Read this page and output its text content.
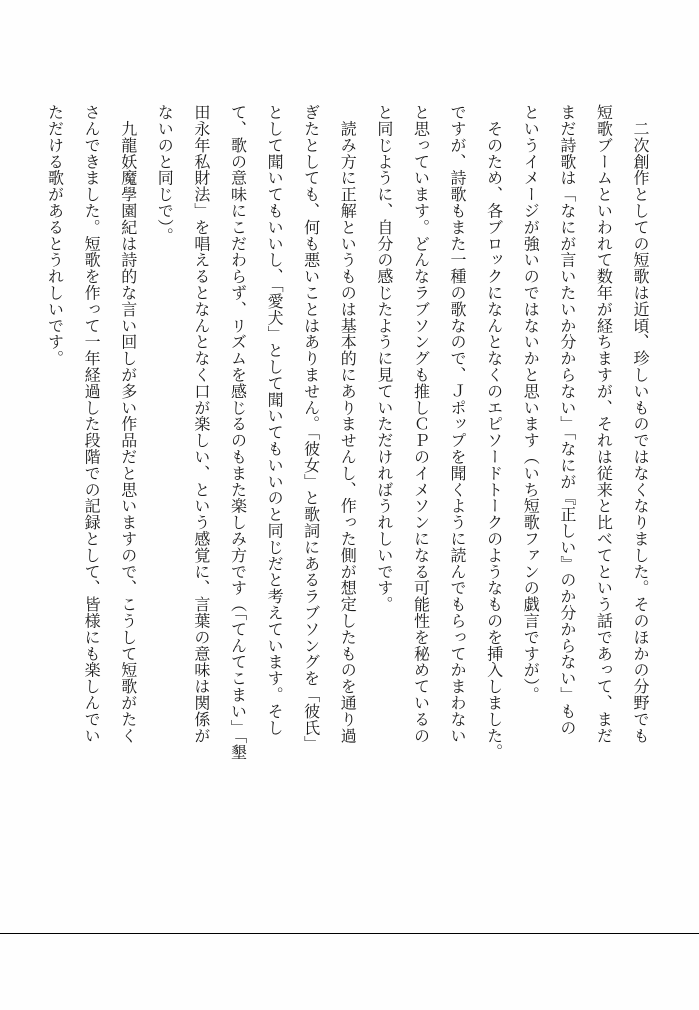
　二次創作としての短歌は近頃、珍しいものではなくなりました。そのほかの分野でも
短歌ブームといわれて数年が経ちますが、それは従来と比べてという話であって、まだ
まだ詩歌は「なにが言いたいか分からない」「なにが『正しい』のか分からない」もの
というイメージが強いのではないかと思います（いち短歌ファンの戯言ですが）。
　そのため、各ブロックになんとなくのエピソードトークのようなものを挿入しました。
ですが、詩歌もまた一種の歌なので、Ｊポップを聞くように読んでもらってかまわない
と思っています。どんなラブソングも推しＣＰのイメソンになる可能性を秘めているの
と同じように、自分の感じたように見ていただければうれしいです。
　読み方に正解というものは基本的にありませんし、作った側が想定したものを通り過
ぎたとしても、何も悪いことはありません。「彼女」と歌詞にあるラブソングを「彼氏」
として聞いてもいいし、「愛犬」として聞いてもいいのと同じだと考えています。そし
て、歌の意味にこだわらず、リズムを感じるのもまた楽しみ方です（「てんてこまい」「墾
田永年私財法」を唱えるとなんとなく口が楽しい、という感覚に、言葉の意味は関係が
ないのと同じで）。
　九龍妖魔學園紀は詩的な言い回しが多い作品だと思いますので、こうして短歌がたく
さんできました。短歌を作って一年経過した段階での記録として、皆様にも楽しんでい
ただける歌があるとうれしいです。
